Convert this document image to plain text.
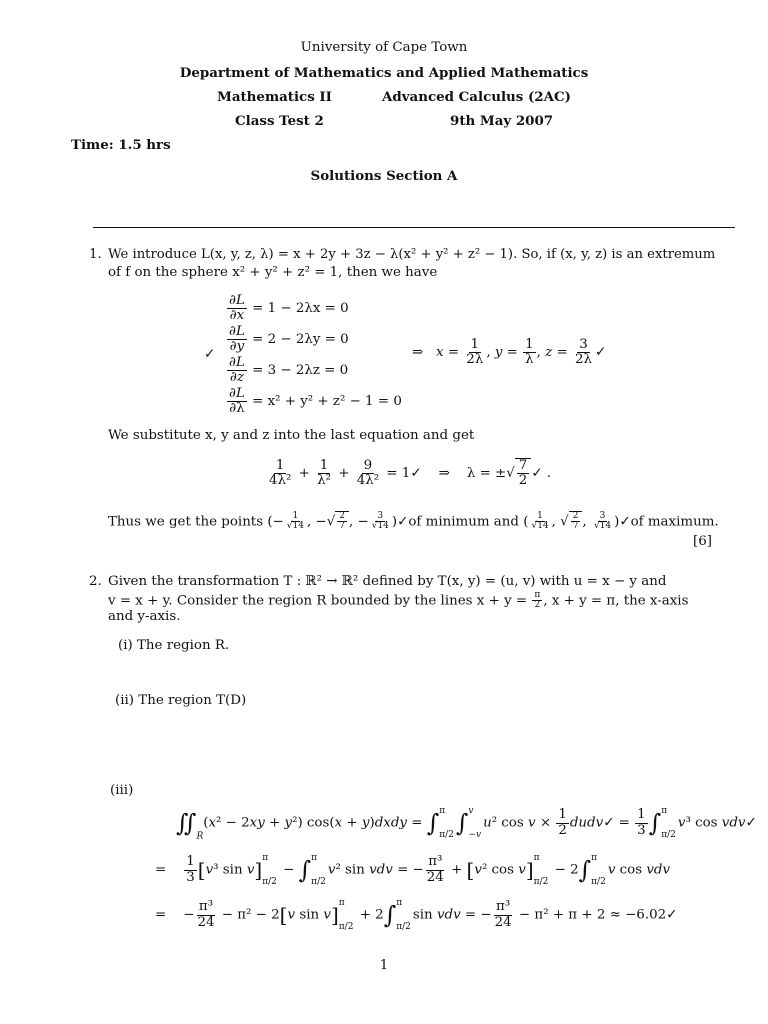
University of Cape Town
Department of Mathematics and Applied Mathematics
Mathematics II	Advanced Calculus (2AC)
Class Test 2	9th May 2007
Time: 1.5 hrs
Solutions Section A
1. We introduce L(x, y, z, λ) = x + 2y + 3z − λ(x² + y² + z² − 1). So, if (x, y, z) is an extremum
of f on the sphere x² + y² + z² = 1, then we have
✓
$\frac{\partial L}{\partial x} = 1 - 2\lambda x = 0$
$\frac{\partial L}{\partial y} = 2 - 2\lambda y = 0$
$\frac{\partial L}{\partial z} = 3 - 2\lambda z = 0$
$\frac{\partial L}{\partial\lambda} = x^2 + y^2 + z^2 - 1 = 0$
⇒   $x = \frac{1}{2\lambda}$ , $y = \frac{1}{\lambda}$ , $z = \frac{3}{2\lambda}$ ✓
We substitute x, y and z into the last equation and get
$\frac{1}{\text{4λ²}} + \frac{1}{\text{λ²}} + \frac{9}{\text{4λ²}}$ = 1✓    ⇒    λ = ±√ $\frac{7}{2}$ ✓ .
Thus we get the points (− $\frac{1}{√14}$ , −√ $\frac{2}{7}$ , − $\frac{3}{√14}$ )✓of minimum and ( $\frac{1}{√14}$ , √ $\frac{2}{7}$ , $\frac{3}{√14}$ )✓of maximum.
[6]
2. Given the transformation T : ℝ² → ℝ² defined by T(x, y) = (u, v) with u = x − y and
v = x + y. Consider the region R bounded by the lines $x + y = \frac{\pi}{2}$ , x + y = π, the x-axis
and y-axis.
(i) The region R.
(ii) The region T(D)
(iii)
$∬_R(x^2 - 2xy + y^2) \cos(x$ + y)dxdy = ∫ π
π/2 ∫ v
−v
u² $\cos v \times \frac{1}{2}$ dudv✓ = $\frac{1}{3}$ ∫ π
π/2
v³ cos vdv✓
= $\frac{1}{3} [v^3$ sin v] π
π/2
− ∫ π
π/2
v² sin vdv = − $\frac{\text{π³}}{24} + [v^2$ cos v] π
π/2
− 2∫ π
π/2
v cos vdv
=    − $\frac{\text{π³}}{24} - \pi^2 - 2[v$ sin v] π
π/2
+ 2∫ π
π/2
sin vdv = − $\frac{\text{π³}}{24} - \pi^2 + \pi + 2$ ≈ −6.02✓
1
